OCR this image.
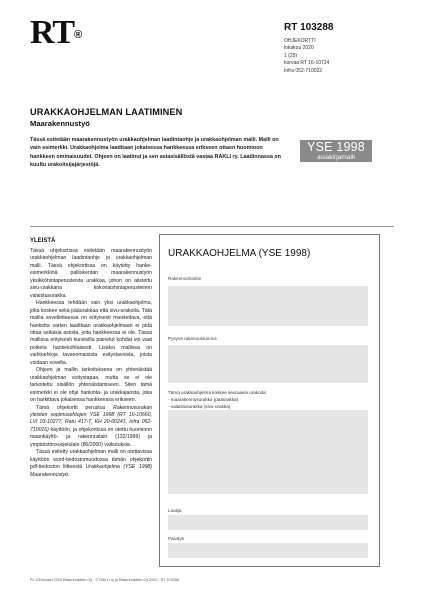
RT®
RT 103288
OHJEKORTTI
lokakuu 2020
1 (25)
korvaa RT 16-10724
Infra 052-710022
URAKKAOHJELMAN LAATIMINEN
Maarakennustyö
Tässä esitetään maarakennustyön urakkaohjelman laadintaohje ja urakkaohjelman malli. Malli on vain esimerkki. Urakkaohjelma laaditaan jokaisessa hankkeessa erikseen ottaen huomioon hankkeen ominaisuudet. Ohjeen on laatinut ja sen asiasisällöstä vastaa RAKLI ry. Laadinnassa on kuultu urakoitsijajärjestöjä.
YSE 1998
asiakirjamalli
YLEISTÄ

Tässä ohjekortissa esitetään maarakennustyön urakkaohjelman laadintaohje ja urakkaohjelman malli. Tässä ohjekortissa on käytetty hanke-esimerkkinä palloikentän maarakennustyön yksikköhintaperusteista urakkaa, johon on alistettu sivu-urakkana kokonaishintaperusteinen valaistusurakka.

Hankkeessa tehdään vain yksi urakkaohjelma, joka koskee sekä pääurakkaa että sivu-urakoita. Tätä mallia sovellettaessa on erityisesti muistettava, että hanketta varten laaditaan urakkaohjelmaan ei pidä ottaa sellaisia asioita, joita hankkeessa ei ole. Tässä mallissa erityisesti kursiivilla painetut kohdat voi vaat poiketa hankekohtaisesti. Lisäksi mallissa on vaihtoehtoja tavanomaisista esitystavoista, joista voidaan sovelta.

Ohjeen ja mallin tarkoituksena on yhtenäistää urakkaohjelman esitystapaa, mutta se ei ole tarkoitettu sisällön yhtenäistämiseen. Siten tämä esimerkki ei ole ohje hankinta- ja urakkajaosta, joka on harkittava jokaisessa hankkeessa erikseen.

Tämä ohjekortti perustuu Rakennusurakan yleisten sopimusehtojen YSE 1998 (RT 16-10660, LVI 03-10277, Ratu 417-T, KH 20-00241, Infra 052-710016) käyttöön, ja ohjekortissa on otettu huomioon maankäyttö- ja rakennuslain (132/1999) ja ympäristönsuojelulain (86/2000) vaikutuksia.

Tässä esitetty urakkaohjelman malli on otettavissa käyttöön word-tiedostomuodossa tämän ohjekortin pdf-tiedoston liitteestä Urakkaohjelma (YSE 1998) Maarakennustyö.

URAKKAOHJELMA (YSE 1998)
Rakennushanke
Pysyvä rakennustunnus
Tämä urakkaohjelma koskee seuraavia urakoita:
- maarakennusurakka (pääurakka)
- valaistusurakka (sivu-urakka)
Laatija
Päiväys
PL 1/Erikoiset 2020 Rakennustieto Oy · © RAKLI ry ja Rakennustieto Oy 2020 · RT 103288
